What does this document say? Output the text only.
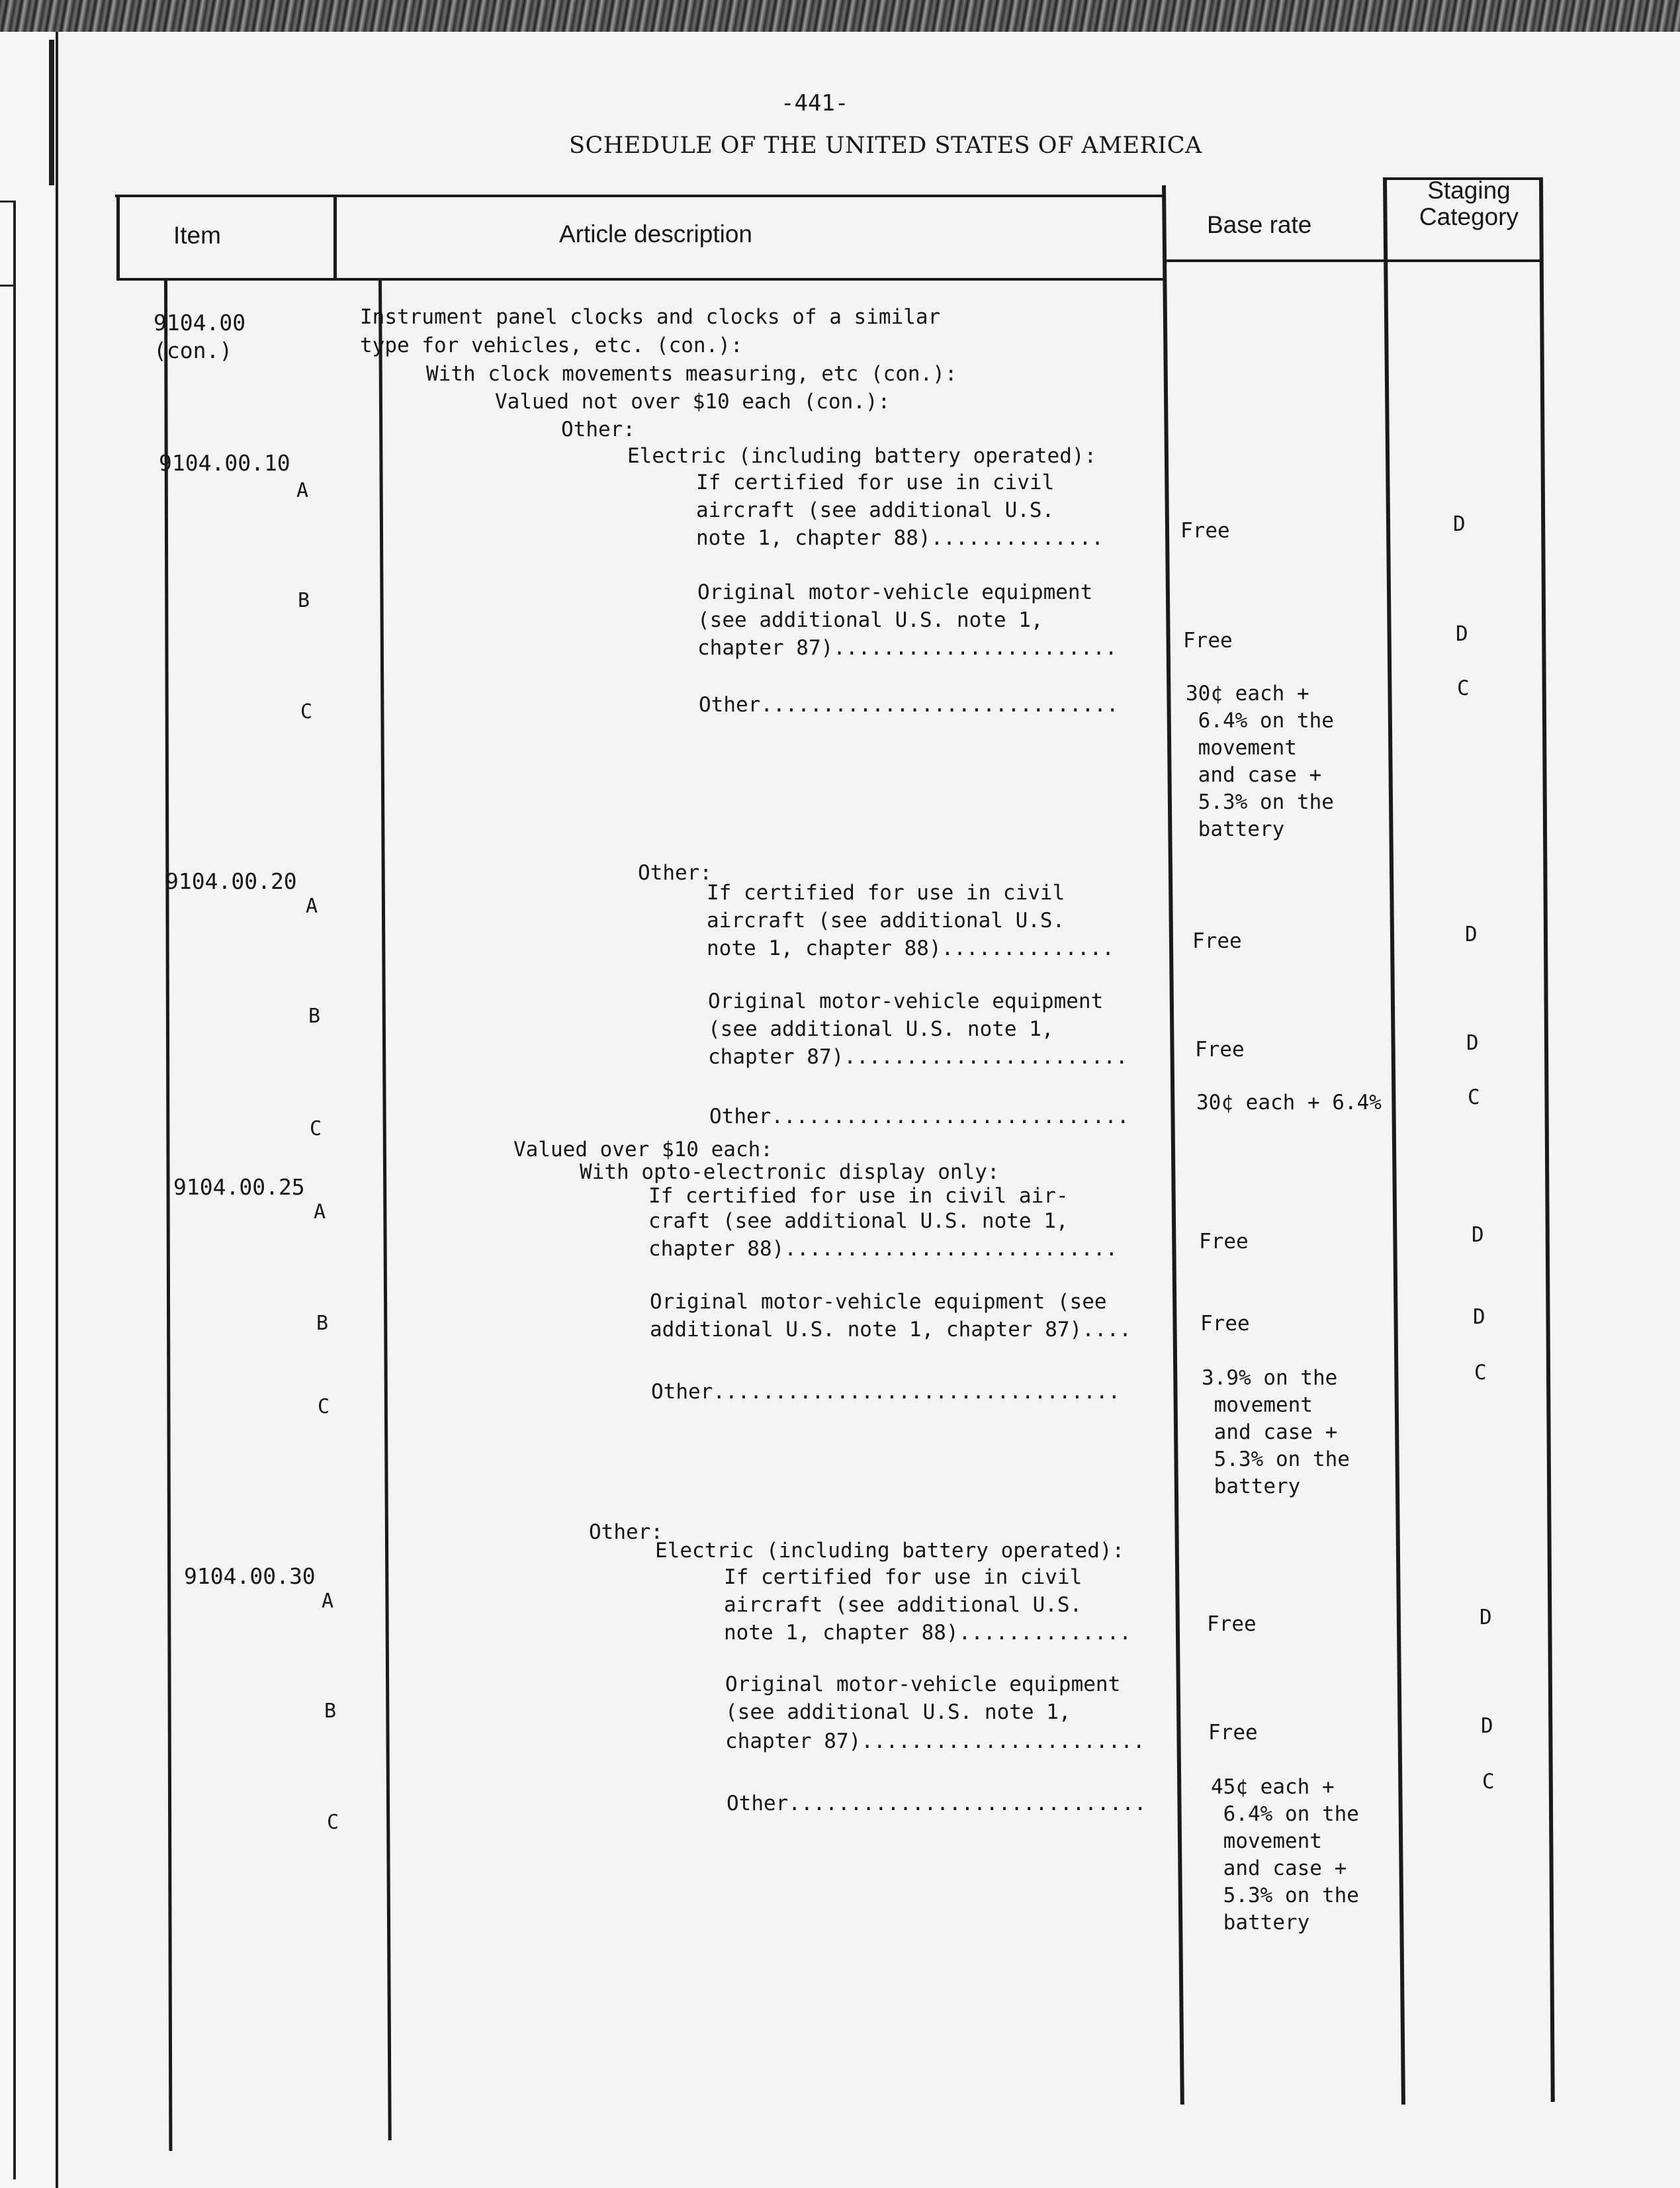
-441-
SCHEDULE OF THE UNITED STATES OF AMERICA
Item	Article description	Base rate
Staging
Category
9104.00
(con.)
9104.00.10
A
B
C
9104.00.20
A
B
C
9104.00.25
A
B
C
9104.00.30
A
B
C
Instrument panel clocks and clocks of a similar
type for vehicles, etc. (con.):
With clock movements measuring, etc (con.):
Valued not over $10 each (con.):
Other:
Electric (including battery operated):
If certified for use in civil
aircraft (see additional U.S.
note 1, chapter 88)..............
Original motor-vehicle equipment
(see additional U.S. note 1,
chapter 87).......................
Other.............................
Other:
If certified for use in civil
aircraft (see additional U.S.
note 1, chapter 88)..............
Original motor-vehicle equipment
(see additional U.S. note 1,
chapter 87).......................
Other.............................
Valued over $10 each:
With opto-electronic display only:
If certified for use in civil air-
craft (see additional U.S. note 1,
chapter 88)...........................
Original motor-vehicle equipment (see
additional U.S. note 1, chapter 87)....
Other.................................
Other:
Electric (including battery operated):
If certified for use in civil
aircraft (see additional U.S.
note 1, chapter 88)..............
Original motor-vehicle equipment
(see additional U.S. note 1,
chapter 87).......................
Other.............................
Free
Free
30¢ each +
6.4% on the
movement
and case +
5.3% on the
battery
Free
Free
30¢ each + 6.4%
Free
Free
3.9% on the
movement
and case +
5.3% on the
battery
Free
Free
45¢ each +
6.4% on the
movement
and case +
5.3% on the
battery
D
D
C
D
D
C
D
D
C
D
D
C
